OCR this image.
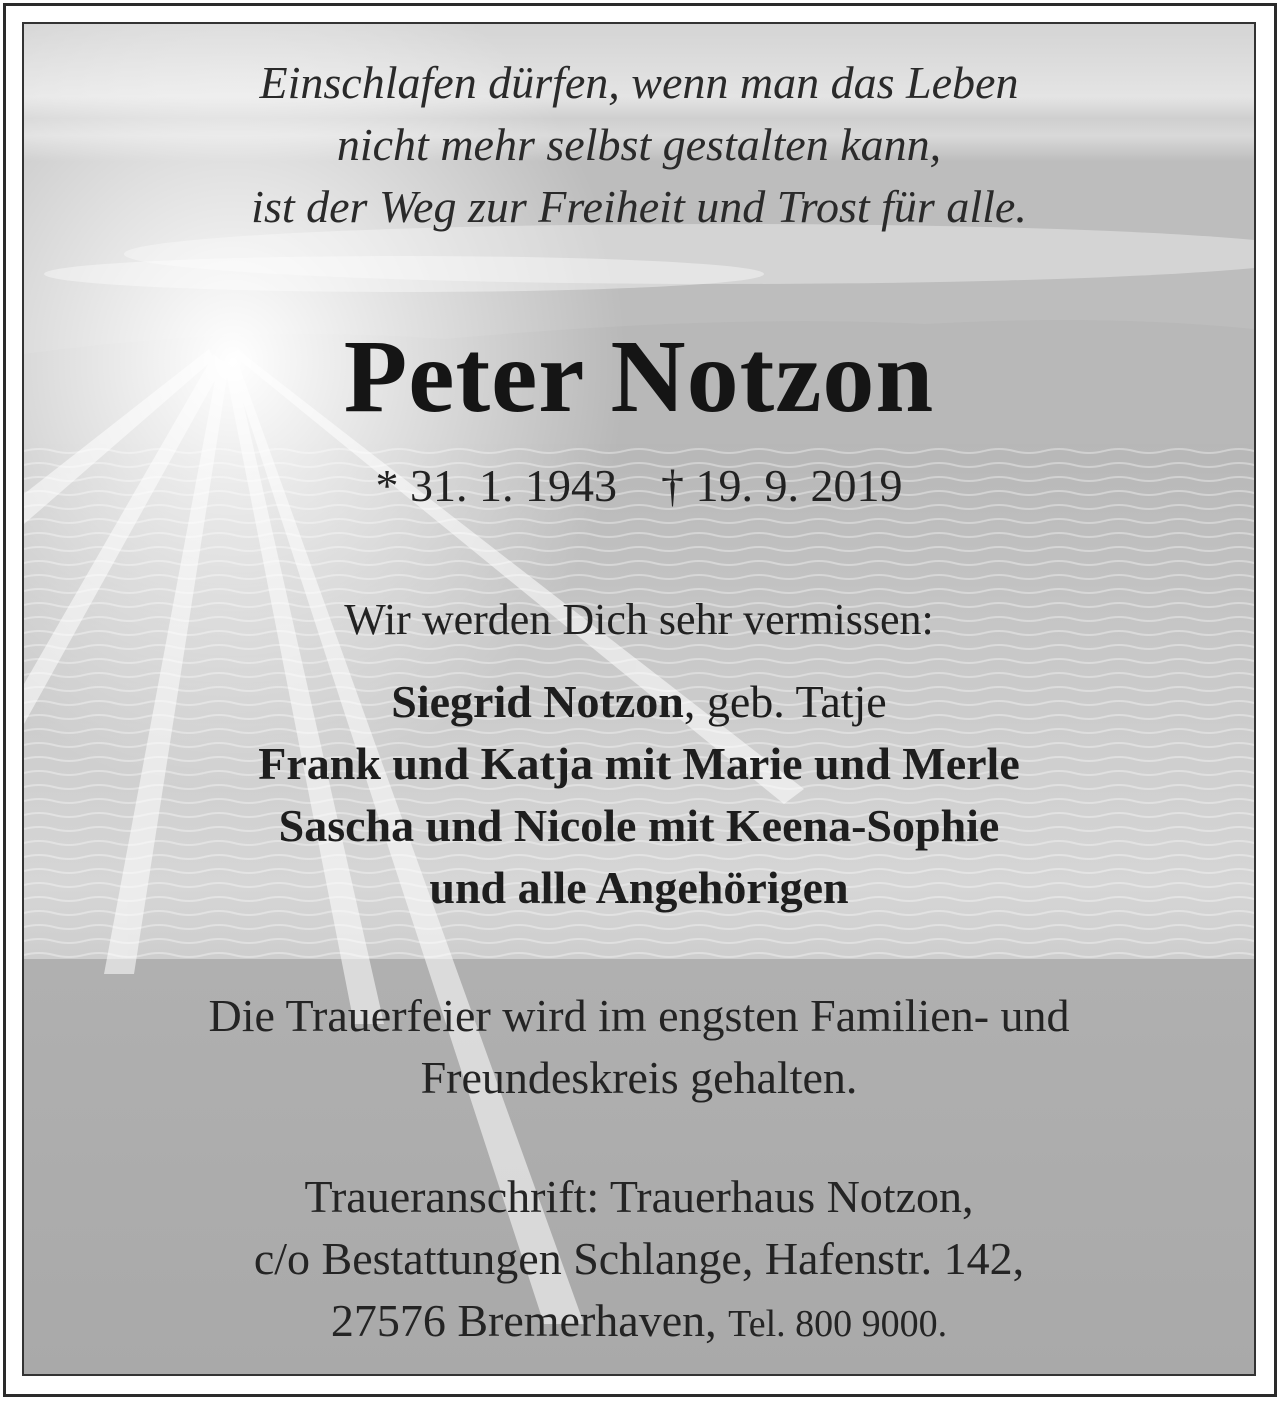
Einschlafen dürfen, wenn man das Leben
nicht mehr selbst gestalten kann,
ist der Weg zur Freiheit und Trost für alle.
Peter Notzon
* 31. 1. 1943 † 19. 9. 2019
Wir werden Dich sehr vermissen:
Siegrid Notzon, geb. Tatje
Frank und Katja mit Marie und Merle
Sascha und Nicole mit Keena-Sophie
und alle Angehörigen
Die Trauerfeier wird im engsten Familien- und
Freundeskreis gehalten.
Traueranschrift: Trauerhaus Notzon,
c/o Bestattungen Schlange, Hafenstr. 142,
27576 Bremerhaven, Tel. 800 9000.
